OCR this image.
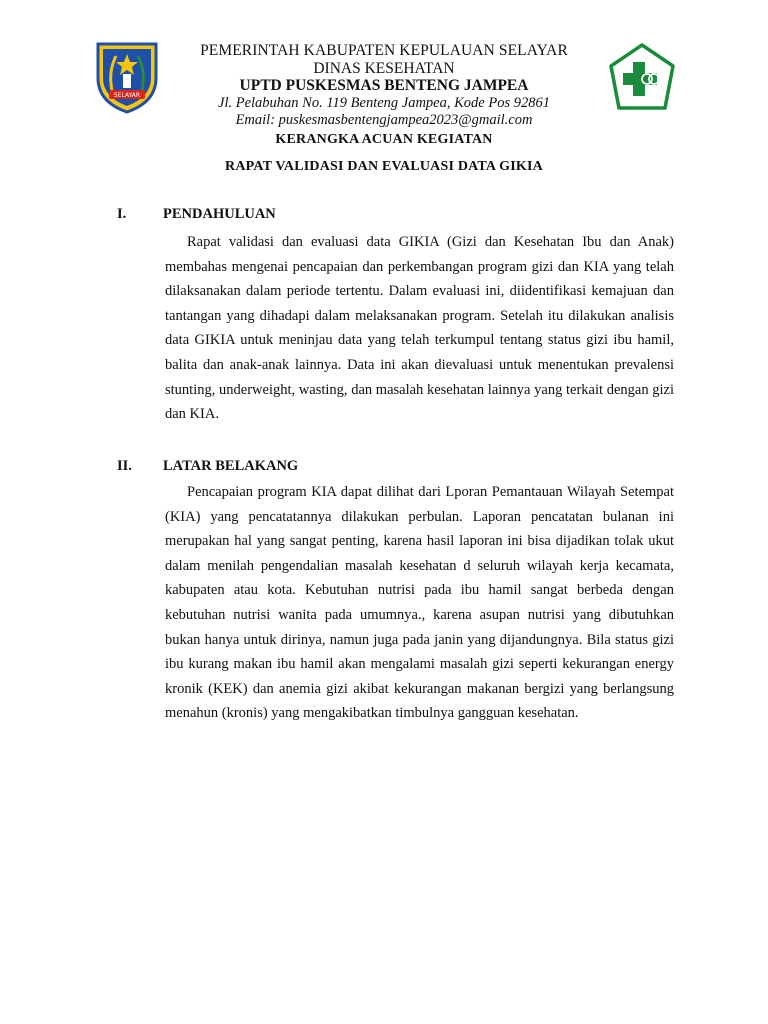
SELAYAR
PEMERINTAH KABUPATEN KEPULAUAN SELAYAR
DINAS KESEHATAN
UPTD PUSKESMAS BENTENG JAMPEA
Jl. Pelabuhan No. 119 Benteng Jampea, Kode Pos 92861
Email: puskesmasbentengjampea2023@gmail.com
KERANGKA ACUAN KEGIATAN
RAPAT VALIDASI DAN EVALUASI DATA GIKIA
I.	PENDAHULUAN

Rapat validasi dan evaluasi data GIKIA (Gizi dan Kesehatan Ibu dan Anak) membahas mengenai pencapaian dan perkembangan program gizi dan KIA yang telah dilaksanakan dalam periode tertentu. Dalam evaluasi ini, diidentifikasi kemajuan dan tantangan yang dihadapi dalam melaksanakan program. Setelah itu dilakukan analisis data GIKIA untuk meninjau data yang telah terkumpul tentang status gizi ibu hamil, balita dan anak-anak lainnya. Data ini akan dievaluasi untuk menentukan prevalensi stunting, underweight, wasting, dan masalah kesehatan lainnya yang terkait dengan gizi dan KIA.

II. LATAR BELAKANG

Pencapaian program KIA dapat dilihat dari Lporan Pemantauan Wilayah Setempat (KIA) yang pencatatannya dilakukan perbulan. Laporan pencatatan bulanan ini merupakan hal yang sangat penting, karena hasil laporan ini bisa dijadikan tolak ukut dalam menilah pengendalian masalah kesehatan d seluruh wilayah kerja kecamata, kabupaten atau kota. Kebutuhan nutrisi pada ibu hamil sangat berbeda dengan kebutuhan nutrisi wanita pada umumnya., karena asupan nutrisi yang dibutuhkan bukan hanya untuk dirinya, namun juga pada janin yang dijandungnya. Bila status gizi ibu kurang makan ibu hamil akan mengalami masalah gizi seperti kekurangan energy kronik (KEK) dan anemia gizi akibat kekurangan makanan bergizi yang berlangsung menahun (kronis) yang mengakibatkan timbulnya gangguan kesehatan.
